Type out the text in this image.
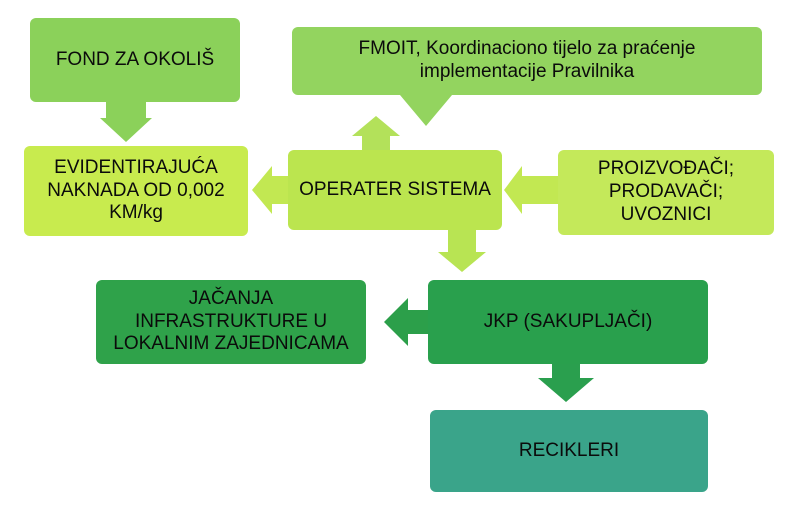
FOND ZA OKOLIŠ	FMOIT, Koordinaciono tijelo za praćenje
implementacije Pravilnika
EVIDENTIRAJUĆA
NAKNADA OD 0,002
KM/kg
OPERATER SISTEMA
PROIZVOĐAČI;
PRODAVAČI;
UVOZNICI
JAČANJA INFRASTRUKTURE U
LOKALNIM ZAJEDNICAMA
JKP (SAKUPLJAČI)
RECIKLERI
